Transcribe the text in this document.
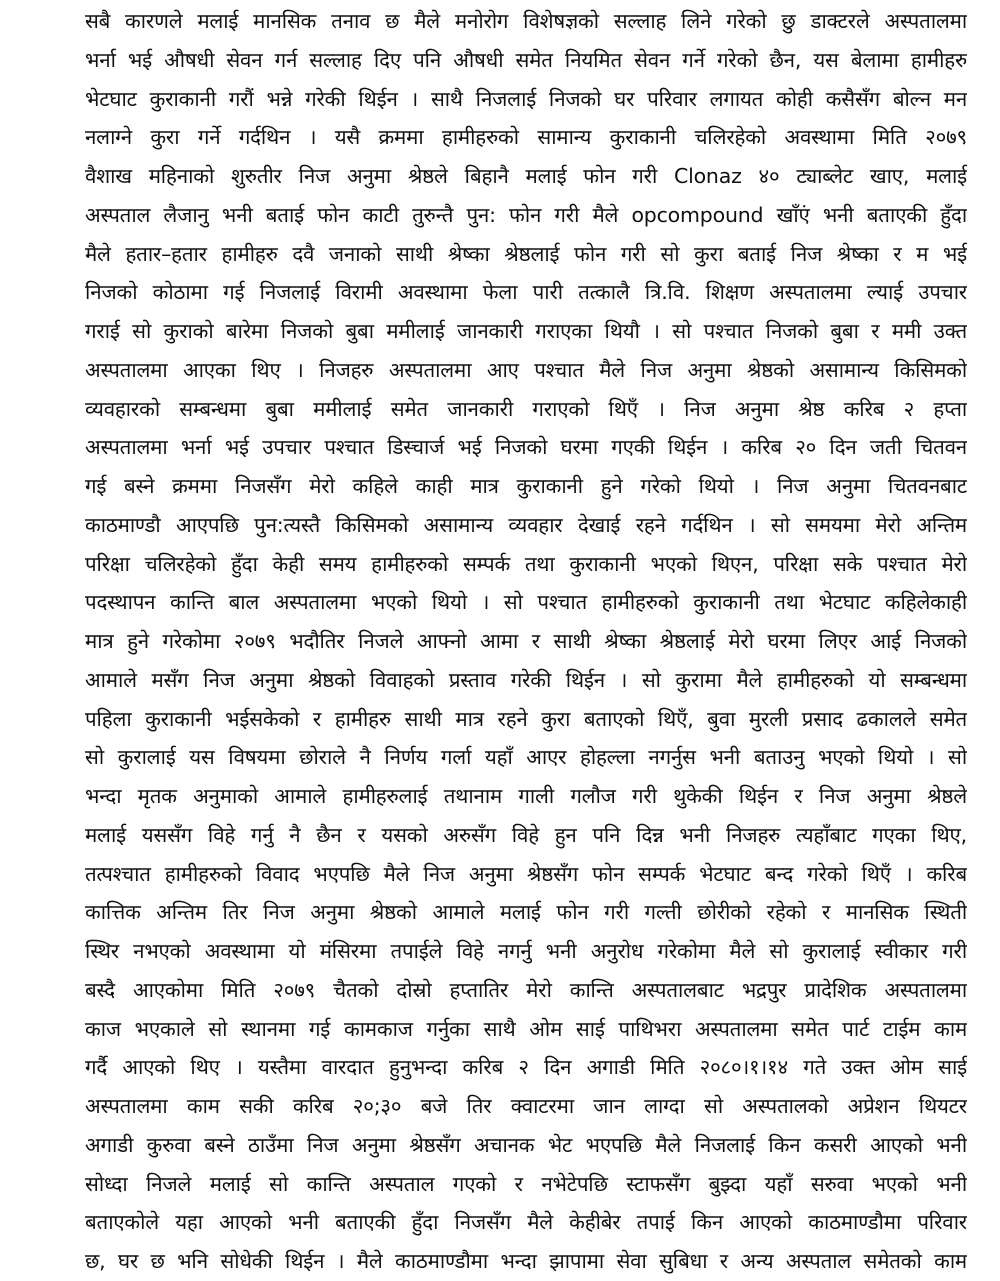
सबै कारणले मलाई मानसिक तनाव छ मैले मनोरोग विशेषज्ञको सल्लाह लिने गरेको छु डाक्टरले अस्पतालमा
भर्ना भई औषधी सेवन गर्न सल्लाह दिए पनि औषधी समेत नियमित सेवन गर्ने गरेको छैन, यस बेलामा हामीहरु
भेटघाट कुराकानी गरौं भन्ने गरेकी थिईन । साथै निजलाई निजको घर परिवार लगायत कोही कसैसँग बोल्न मन
नलाग्ने कुरा गर्ने गर्दथिन । यसै क्रममा हामीहरुको सामान्य कुराकानी चलिरहेको अवस्थामा मिति २०७९
वैशाख महिनाको शुरुतीर निज अनुमा श्रेष्ठले बिहानै मलाई फोन गरी Clonaz ४० ट्याब्लेट खाए, मलाई
अस्पताल लैजानु भनी बताई फोन काटी तुरुन्तै पुन: फोन गरी मैले opcompound खाँएं भनी बताएकी हुँदा
मैले हतार–हतार हामीहरु दवै जनाको साथी श्रेष्का श्रेष्ठलाई फोन गरी सो कुरा बताई निज श्रेष्का र म भई
निजको कोठामा गई निजलाई विरामी अवस्थामा फेला पारी तत्कालै त्रि.वि. शिक्षण अस्पतालमा ल्याई उपचार
गराई सो कुराको बारेमा निजको बुबा ममीलाई जानकारी गराएका थियौ । सो पश्चात निजको बुबा र ममी उक्त
अस्पतालमा आएका थिए । निजहरु अस्पतालमा आए पश्चात मैले निज अनुमा श्रेष्ठको असामान्य किसिमको
व्यवहारको सम्बन्धमा बुबा ममीलाई समेत जानकारी गराएको थिएँ । निज अनुमा श्रेष्ठ करिब २ हप्ता
अस्पतालमा भर्ना भई उपचार पश्चात डिस्चार्ज भई निजको घरमा गएकी थिईन । करिब २० दिन जती चितवन
गई बस्ने क्रममा निजसँग मेरो कहिले काही मात्र कुराकानी हुने गरेको थियो । निज अनुमा चितवनबाट
काठमाण्डौ आएपछि पुन:त्यस्तै किसिमको असामान्य व्यवहार देखाई रहने गर्दथिन । सो समयमा मेरो अन्तिम
परिक्षा चलिरहेको हुँदा केही समय हामीहरुको सम्पर्क तथा कुराकानी भएको थिएन, परिक्षा सके पश्चात मेरो
पदस्थापन कान्ति बाल अस्पतालमा भएको थियो । सो पश्चात हामीहरुको कुराकानी तथा भेटघाट कहिलेकाही
मात्र हुने गरेकोमा २०७९ भदौतिर निजले आफ्नो आमा र साथी श्रेष्का श्रेष्ठलाई मेरो घरमा लिएर आई निजको
आमाले मसँग निज अनुमा श्रेष्ठको विवाहको प्रस्ताव गरेकी थिईन । सो कुरामा मैले हामीहरुको यो सम्बन्धमा
पहिला कुराकानी भईसकेको र हामीहरु साथी मात्र रहने कुरा बताएको थिएँ, बुवा मुरली प्रसाद ढकालले समेत
सो कुरालाई यस विषयमा छोराले नै निर्णय गर्ला यहाँ आएर होहल्ला नगर्नुस भनी बताउनु भएको थियो । सो
भन्दा मृतक अनुमाको आमाले हामीहरुलाई तथानाम गाली गलौज गरी थुकेकी थिईन र निज अनुमा श्रेष्ठले
मलाई यससँग विहे गर्नु नै छैन र यसको अरुसँग विहे हुन पनि दिन्न भनी निजहरु त्यहाँबाट गएका थिए,
तत्पश्चात हामीहरुको विवाद भएपछि मैले निज अनुमा श्रेष्ठसँग फोन सम्पर्क भेटघाट बन्द गरेको थिएँ । करिब
कात्तिक अन्तिम तिर निज अनुमा श्रेष्ठको आमाले मलाई फोन गरी गल्ती छोरीको रहेको र मानसिक स्थिती
स्थिर नभएको अवस्थामा यो मंसिरमा तपाईले विहे नगर्नु भनी अनुरोध गरेकोमा मैले सो कुरालाई स्वीकार गरी
बस्दै आएकोमा मिति २०७९ चैतको दोस्रो हप्तातिर मेरो कान्ति अस्पतालबाट भद्रपुर प्रादेशिक अस्पतालमा
काज भएकाले सो स्थानमा गई कामकाज गर्नुका साथै ओम साई पाथिभरा अस्पतालमा समेत पार्ट टाईम काम
गर्दै आएको थिए । यस्तैमा वारदात हुनुभन्दा करिब २ दिन अगाडी मिति २०८०।१।१४ गते उक्त ओम साई
अस्पतालमा काम सकी करिब २०;३० बजे तिर क्वाटरमा जान लाग्दा सो अस्पतालको अप्रेशन थियटर
अगाडी कुरुवा बस्ने ठाउँमा निज अनुमा श्रेष्ठसँग अचानक भेट भएपछि मैले निजलाई किन कसरी आएको भनी
सोध्दा निजले मलाई सो कान्ति अस्पताल गएको र नभेटेपछि स्टाफसँग बुझ्दा यहाँ सरुवा भएको भनी
बताएकोले यहा आएको भनी बताएकी हुँदा निजसँग मैले केहीबेर तपाई किन आएको काठमाण्डौमा परिवार
छ, घर छ भनि सोधेकी थिईन । मैले काठमाण्डौमा भन्दा झापामा सेवा सुबिधा र अन्य अस्पताल समेतको काम
